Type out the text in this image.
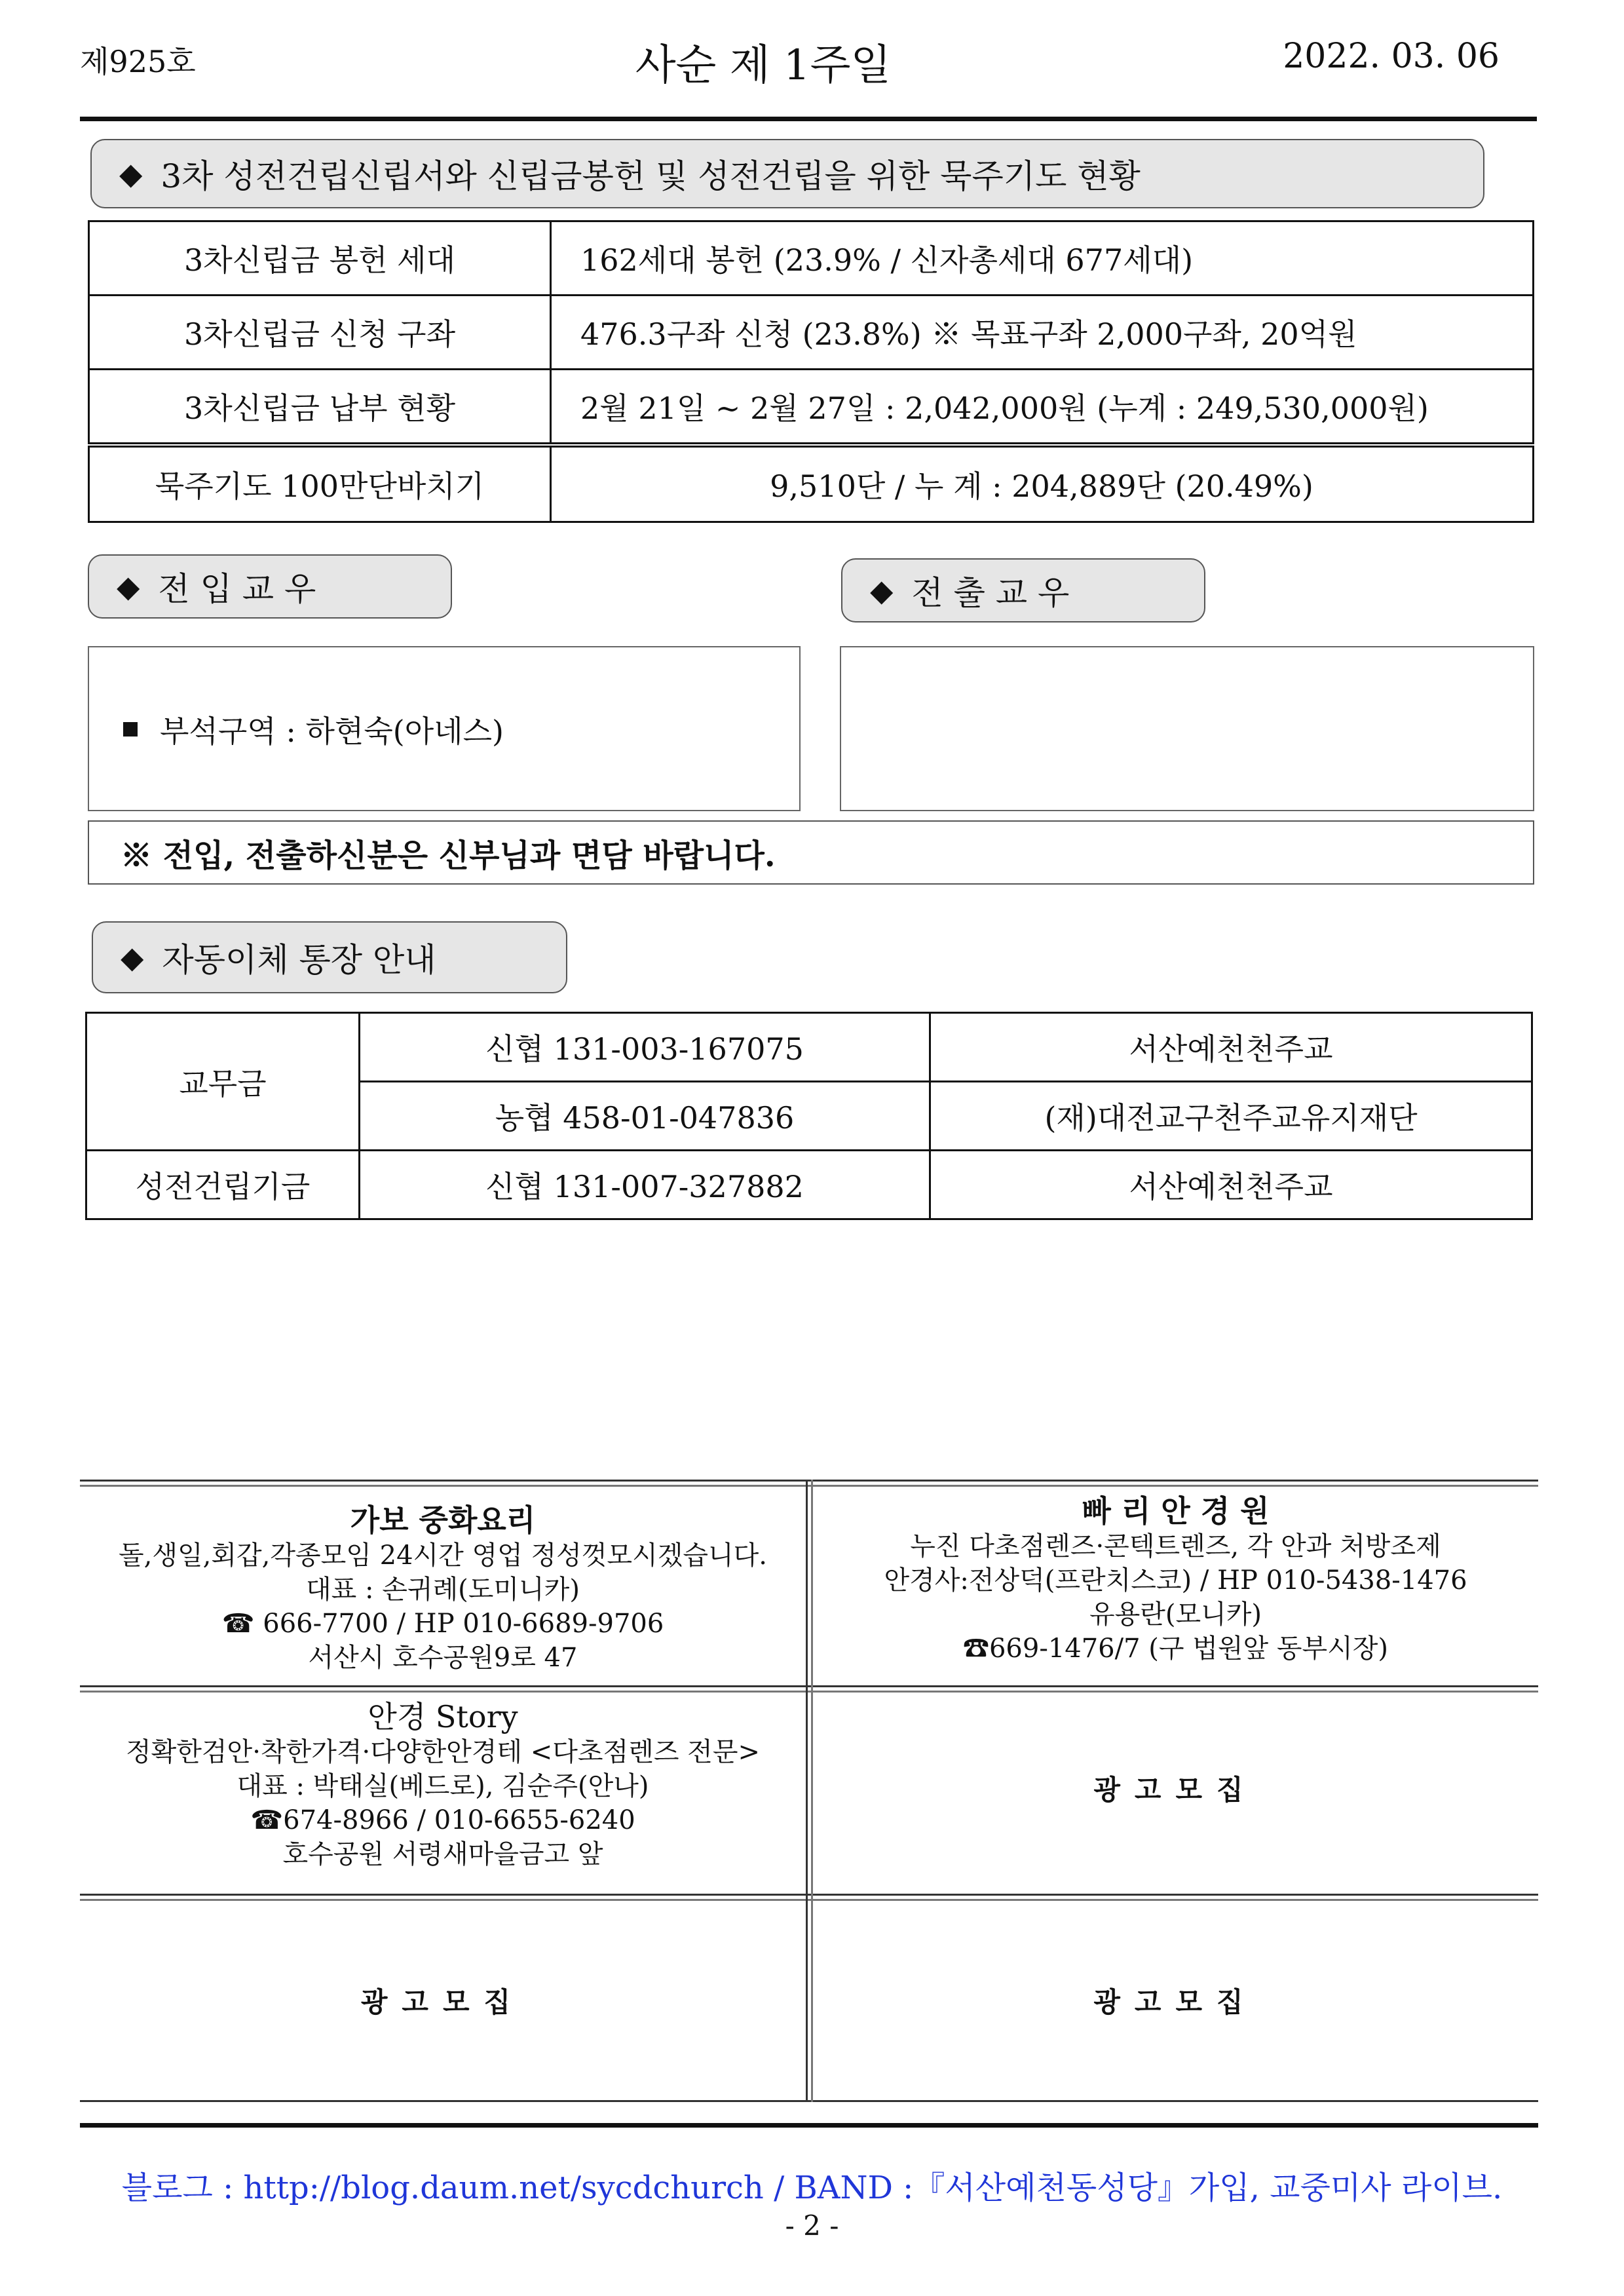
제925호	사순 제 1주일	2022. 03. 06
◆ 3차 성전건립신립서와 신립금봉헌 및 성전건립을 위한 묵주기도 현황
3차신립금 봉헌 세대	162세대 봉헌 (23.9% / 신자총세대 677세대)
3차신립금 신청 구좌	476.3구좌 신청 (23.8%) ※ 목표구좌 2,000구좌, 20억원
3차신립금 납부 현황	2월 21일 ~ 2월 27일 : 2,042,000원 (누계 : 249,530,000원)
묵주기도 100만단바치기	9,510단 / 누 계 : 204,889단 (20.49%)
◆ 전 입 교 우
부석구역 : 하현숙(아네스)
◆ 전 출 교 우
※ 전입, 전출하신분은 신부님과 면담 바랍니다.
◆ 자동이체 통장 안내
교무금	신협 131-003-167075	서산예천천주교
	농협 458-01-047836	(재)대전교구천주교유지재단
성전건립기금	신협 131-007-327882	서산예천천주교
가보 중화요리
돌,생일,회갑,각종모임 24시간 영업 정성껏모시겠습니다.
대표 : 손귀례(도미니카)
☎ 666-7700 / HP 010-6689-9706
서산시 호수공원9로 47
빠 리 안 경 원
누진 다초점렌즈·콘텍트렌즈, 각 안과 처방조제
안경사:전상덕(프란치스코) / HP 010-5438-1476
유용란(모니카)
☎669-1476/7 (구 법원앞 동부시장)
안경 Story
정확한검안·착한가격·다양한안경테 <다초점렌즈 전문>
대표 : 박태실(베드로), 김순주(안나)
☎674-8966 / 010-6655-6240
호수공원 서령새마을금고 앞
광고모집
광고모집	광고모집
블로그 : http://blog.daum.net/sycdchurch / BAND :『서산예천동성당』가입, 교중미사 라이브.
- 2 -
